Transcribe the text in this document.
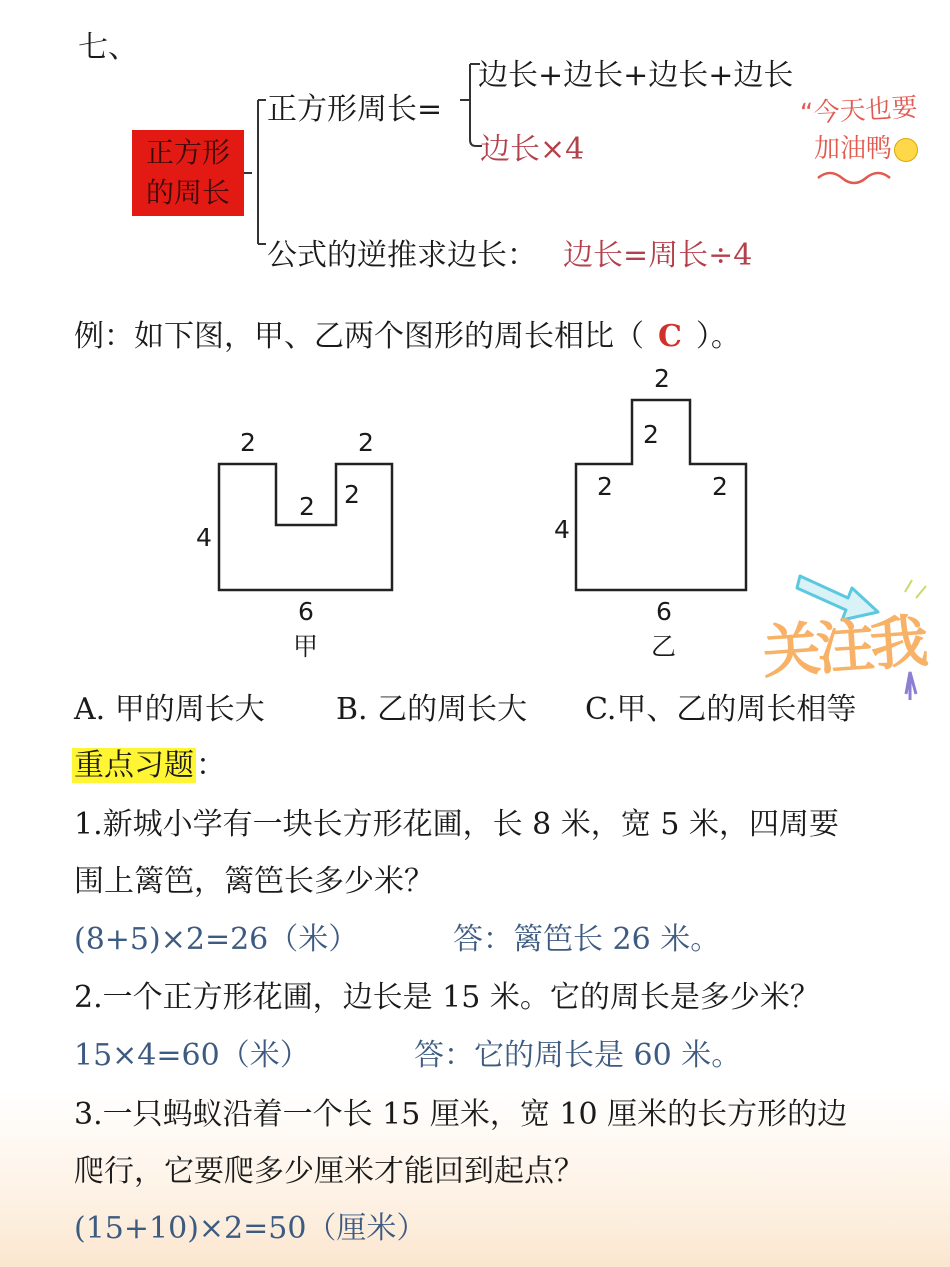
七、
正方形
的周长
正方形周长=
边长+边长+边长+边长
边长×4
公式的逆推求边长： 边长=周长÷4
“今天也要
加油鸭
例：如下图，甲、乙两个图形的周长相比（ C ）。
2	2
2 2
4
6
甲
2
2
2	2
4
6
乙 关注我
A. 甲的周长大 B. 乙的周长大 C.甲、乙的周长相等
重点习题：
1.新城小学有一块长方形花圃，长 8 米，宽 5 米，四周要
围上篱笆，篱笆长多少米？
(8+5)×2=26（米）	答：篱笆长 26 米。
2.一个正方形花圃，边长是 15 米。它的周长是多少米？
15×4=60（米）	答：它的周长是 60 米。
3.一只蚂蚁沿着一个长 15 厘米，宽 10 厘米的长方形的边
爬行，它要爬多少厘米才能回到起点？
(15+10)×2=50（厘米）
